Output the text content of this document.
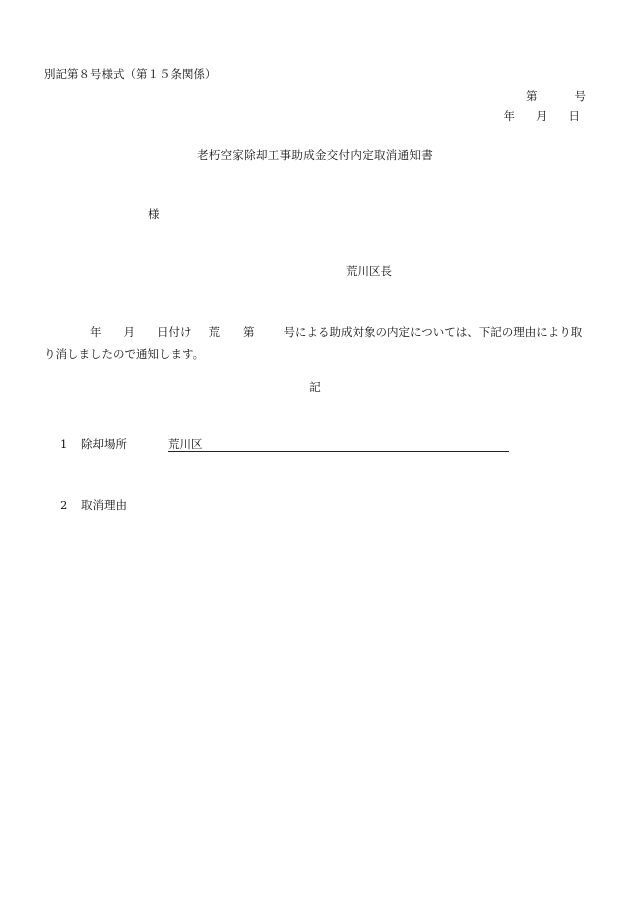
別記第８号様式（第１５条関係）
第	号
年 月 日
老朽空家除却工事助成金交付内定取消通知書
様
荒川区長
年 月 日付け 荒 第	号による助成対象の内定については、下記の理由により取り消しましたので通知します。
記
1 除却場所	荒川区
2 取消理由
